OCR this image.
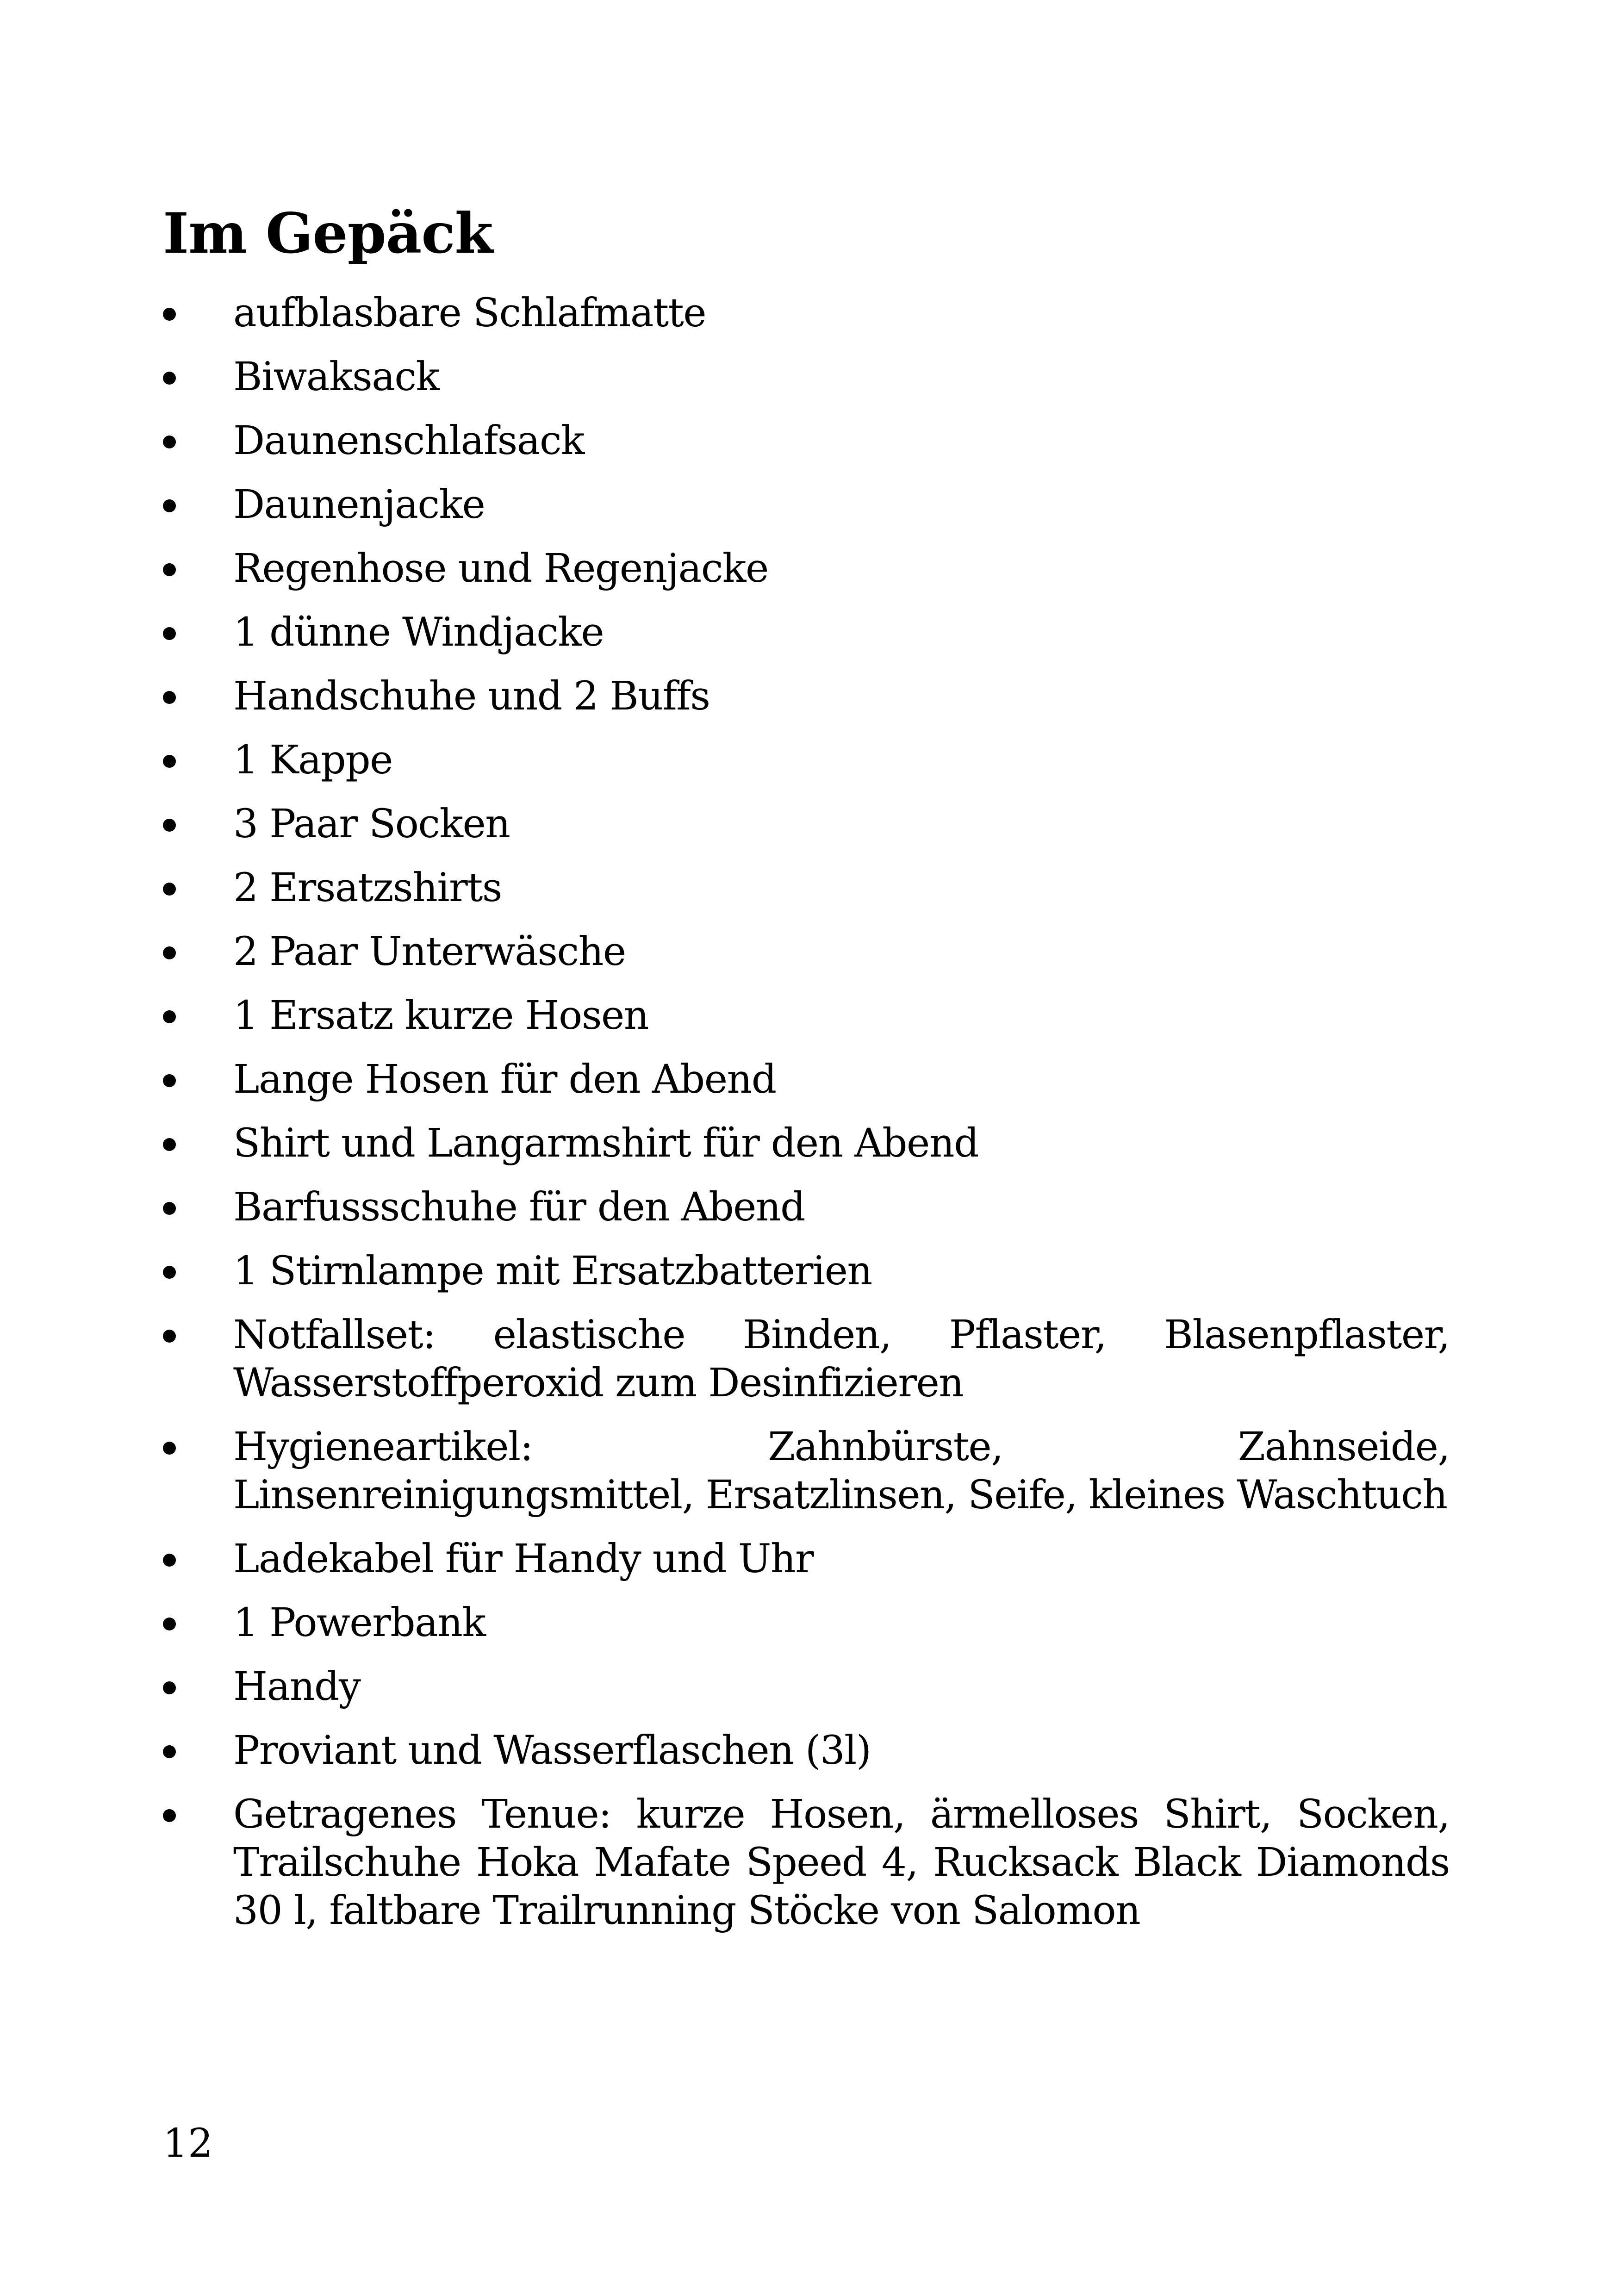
Im Gepäck
aufblasbare Schlafmatte
Biwaksack
Daunenschlafsack
Daunenjacke
Regenhose und Regenjacke
1 dünne Windjacke
Handschuhe und 2 Buffs
1 Kappe
3 Paar Socken
2 Ersatzshirts
2 Paar Unterwäsche
1 Ersatz kurze Hosen
Lange Hosen für den Abend
Shirt und Langarmshirt für den Abend
Barfussschuhe für den Abend
1 Stirnlampe mit Ersatzbatterien
Notfallset: elastische Binden, Pflaster, Blasenpflaster, Wasserstoffperoxid zum Desinfizieren
Hygieneartikel: Zahnbürste, Zahnseide, Linsenreinigungsmittel, Ersatzlinsen, Seife, kleines Waschtuch
Ladekabel für Handy und Uhr
1 Powerbank
Handy
Proviant und Wasserflaschen (3l)
Getragenes Tenue: kurze Hosen, ärmelloses Shirt, Socken, Trailschuhe Hoka Mafate Speed 4, Rucksack Black Diamonds 30 l, faltbare Trailrunning Stöcke von Salomon

12
